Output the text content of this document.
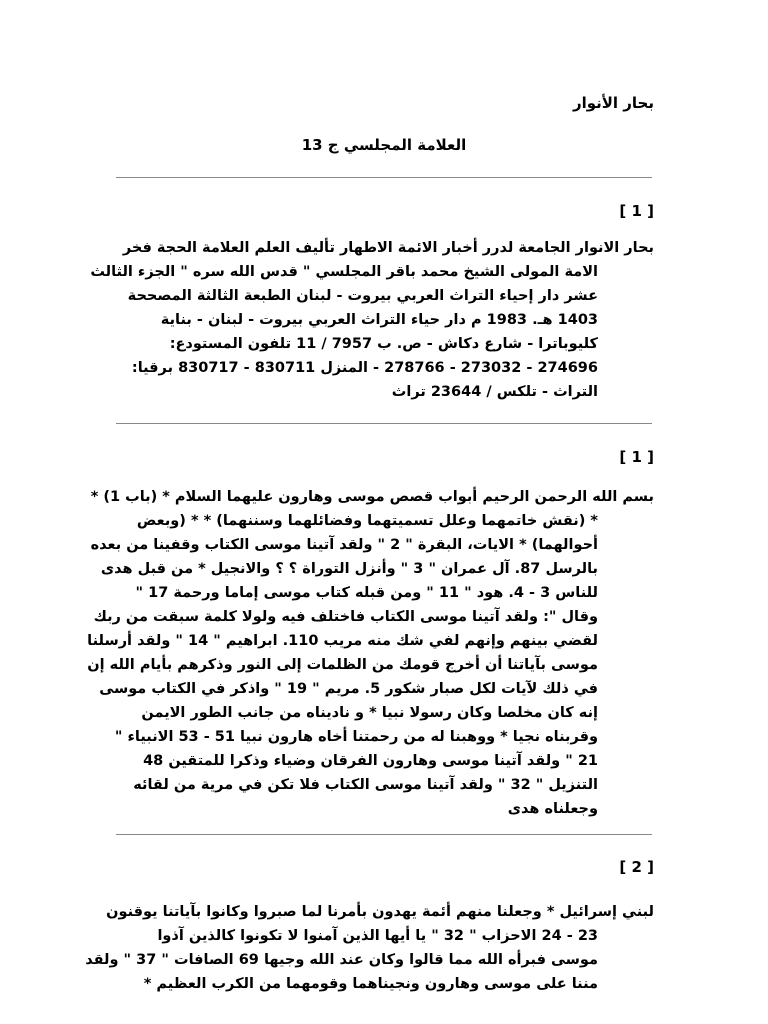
بحار الأنوار

العلامة المجلسي ج 13

[ 1 ]

بحار الانوار الجامعة لدرر أخبار الائمة الاطهار تأليف العلم العلامة الحجة فخر
الامة المولى الشيخ محمد باقر المجلسي " قدس الله سره " الجزء الثالث
عشر دار إحياء التراث العربي بيروت - لبنان الطبعة الثالثة المصححة
1403 هـ. 1983 م دار حياء التراث العربي بيروت - لبنان - بناية
كليوباترا - شارع دكاش - ص. ب 7957 / 11 تلفون المستودع:
274696 - 273032 - 278766 - المنزل 830711 - 830717 برقيا:
التراث - تلكس / 23644 تراث

[ 1 ]

بسم الله الرحمن الرحيم أبواب قصص موسى وهارون عليهما السلام * (باب 1) *
* (نقش خاتمهما وعلل تسميتهما وفضائلهما وسننهما) * * (وبعض
أحوالهما) * الايات، البقرة " 2 " ولقد آتينا موسى الكتاب وقفينا من بعده
بالرسل 87. آل عمران " 3 " وأنزل التوراة ؟ ؟ والانجيل * من قبل هدى
للناس 3 - 4. هود " 11 " ومن قبله كتاب موسى إماما ورحمة 17 "
وقال ": ولقد آتينا موسى الكتاب فاختلف فيه ولولا كلمة سبقت من ربك
لقضي بينهم وإنهم لفي شك منه مريب 110. ابراهيم " 14 " ولقد أرسلنا
موسى بآياتنا أن أخرج قومك من الظلمات إلى النور وذكرهم بأيام الله إن
في ذلك لآيات لكل صبار شكور 5. مريم " 19 " واذكر في الكتاب موسى
إنه كان مخلصا وكان رسولا نبيا * و ناديناه من جانب الطور الايمن
وقربناه نجيا * ووهبنا له من رحمتنا أخاه هارون نبيا 51 - 53 الانبياء "
21 " ولقد آتينا موسى وهارون الفرقان وضياء وذكرا للمتقين 48
التنزيل " 32 " ولقد آتينا موسى الكتاب فلا تكن في مرية من لقائه
وجعلناه هدى

[ 2 ]

لبني إسرائيل * وجعلنا منهم أئمة يهدون بأمرنا لما صبروا وكانوا بآياتنا يوقنون
23 - 24 الاحزاب " 32 " يا أيها الذين آمنوا لا تكونوا كالذين آذوا
موسى فبرأه الله مما قالوا وكان عند الله وجيها 69 الصافات " 37 " ولقد
مننا على موسى وهارون ونجيناهما وقومهما من الكرب العظيم *
